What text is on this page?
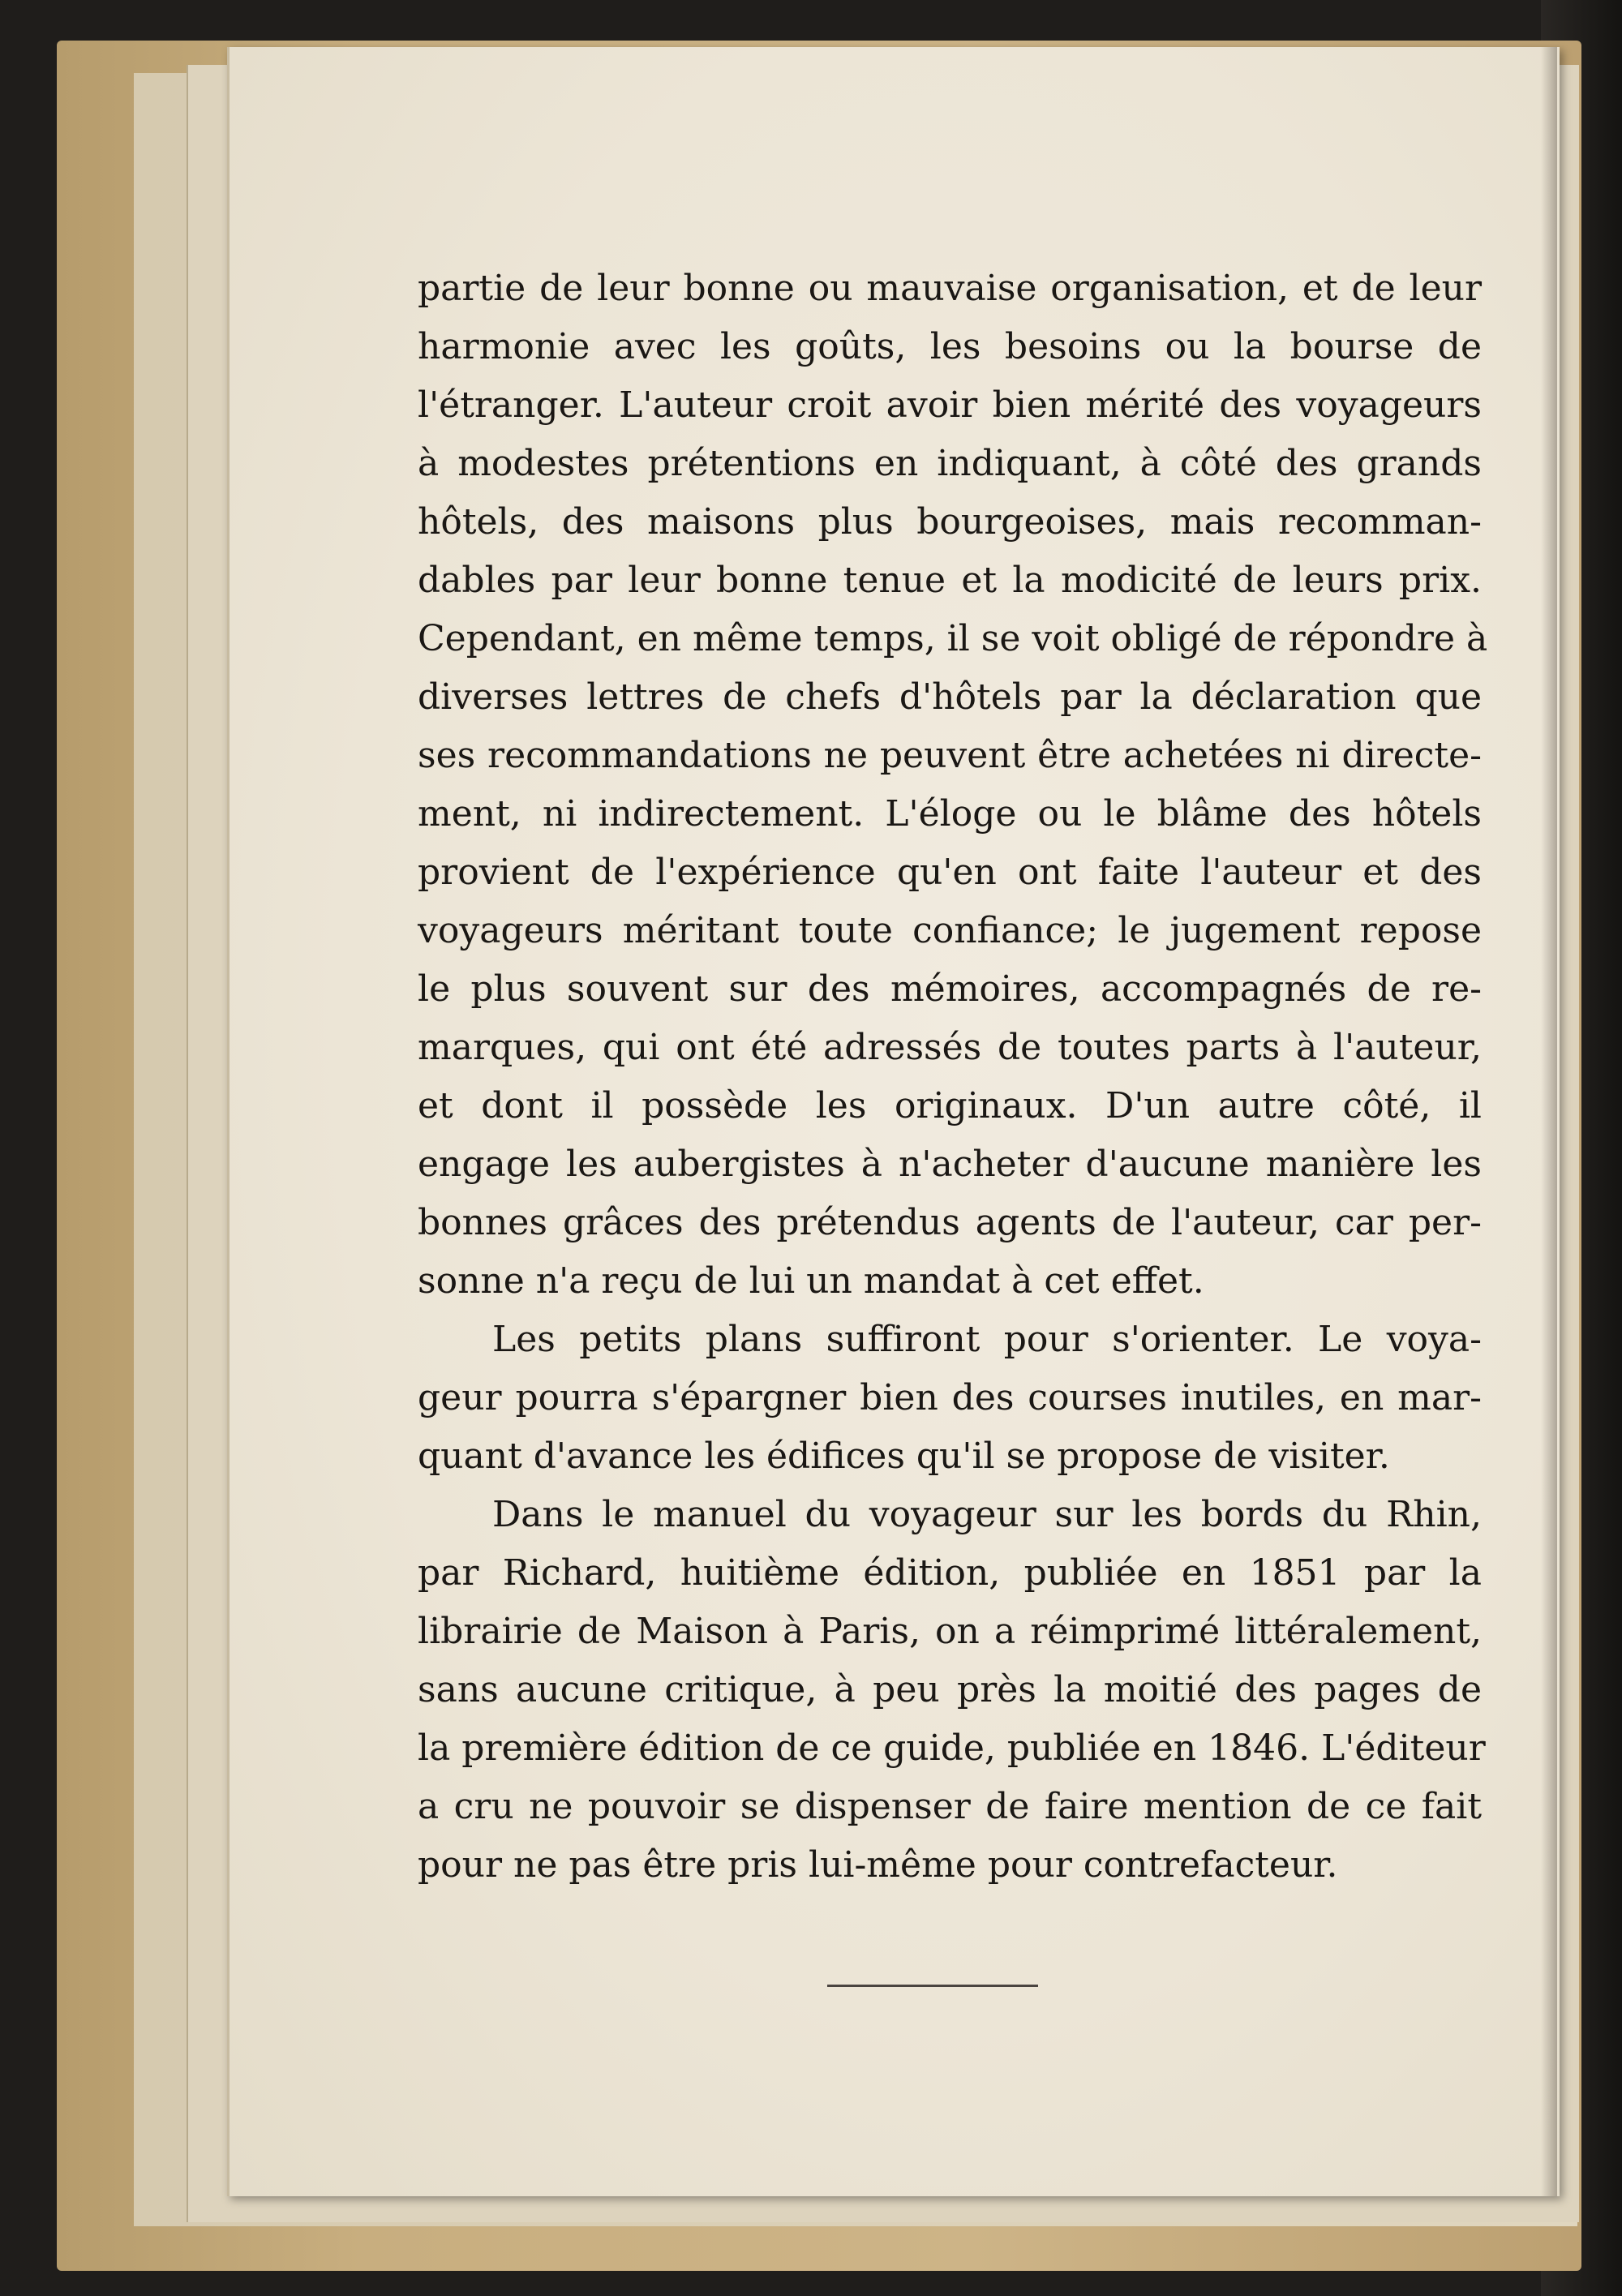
partie de leur bonne ou mauvaise organisation, et de leur
harmonie avec les goûts, les besoins ou la bourse de
l'étranger. L'auteur croit avoir bien mérité des voyageurs
à modestes prétentions en indiquant, à côté des grands
hôtels, des maisons plus bourgeoises, mais recomman-
dables par leur bonne tenue et la modicité de leurs prix.
Cependant, en même temps, il se voit obligé de répondre à
diverses lettres de chefs d'hôtels par la déclaration que
ses recommandations ne peuvent être achetées ni directe-
ment, ni indirectement. L'éloge ou le blâme des hôtels
provient de l'expérience qu'en ont faite l'auteur et des
voyageurs méritant toute confiance; le jugement repose
le plus souvent sur des mémoires, accompagnés de re-
marques, qui ont été adressés de toutes parts à l'auteur,
et dont il possède les originaux. D'un autre côté, il
engage les aubergistes à n'acheter d'aucune manière les
bonnes grâces des prétendus agents de l'auteur, car per-
sonne n'a reçu de lui un mandat à cet effet.
Les petits plans suffiront pour s'orienter. Le voya-
geur pourra s'épargner bien des courses inutiles, en mar-
quant d'avance les édifices qu'il se propose de visiter.
Dans le manuel du voyageur sur les bords du Rhin,
par Richard, huitième édition, publiée en 1851 par la
librairie de Maison à Paris, on a réimprimé littéralement,
sans aucune critique, à peu près la moitié des pages de
la première édition de ce guide, publiée en 1846. L'éditeur
a cru ne pouvoir se dispenser de faire mention de ce fait
pour ne pas être pris lui-même pour contrefacteur.
